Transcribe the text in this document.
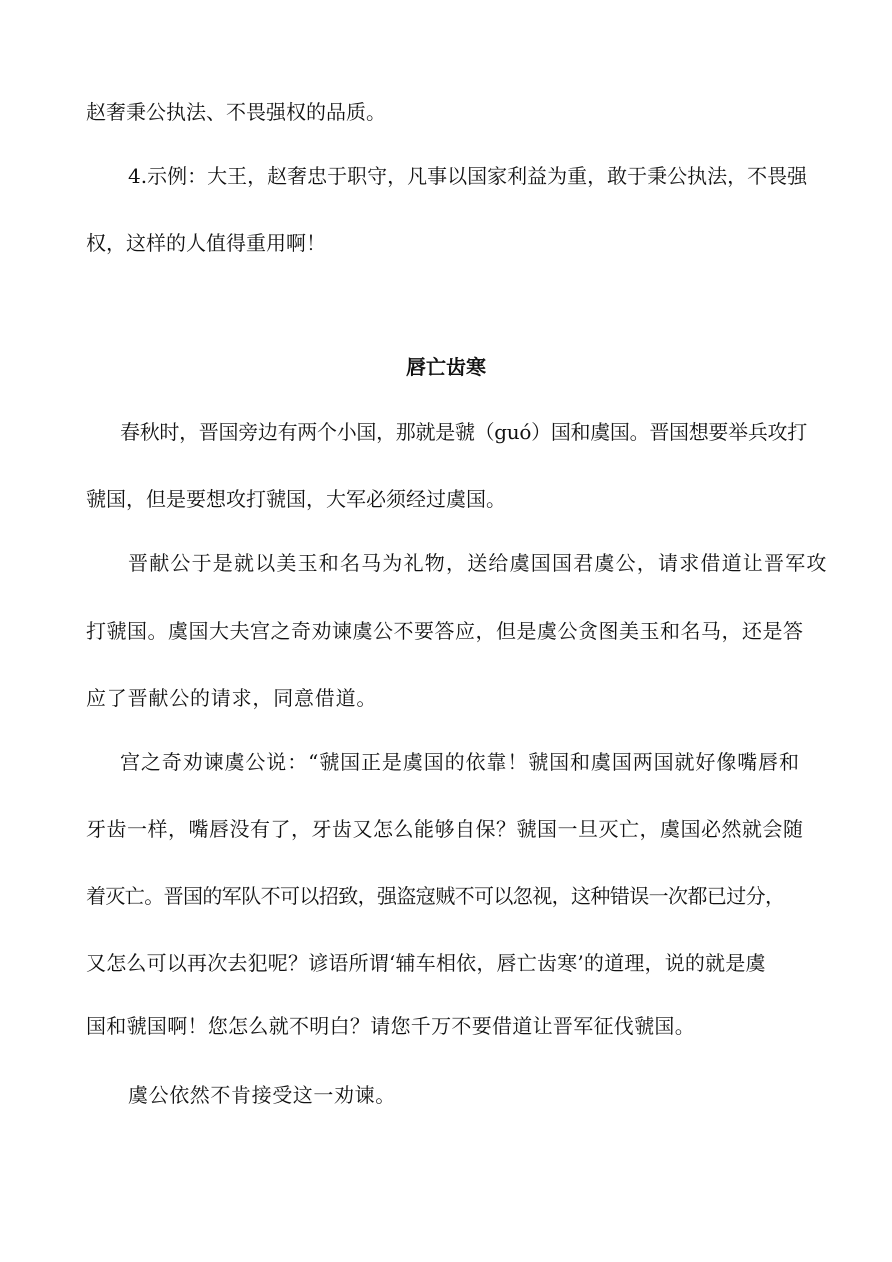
赵奢秉公执法、不畏强权的品质。
4.示例：大王，赵奢忠于职守，凡事以国家利益为重，敢于秉公执法，不畏强
权，这样的人值得重用啊！
唇亡齿寒
春秋时，晋国旁边有两个小国，那就是虢（guó）国和虞国。晋国想要举兵攻打
虢国，但是要想攻打虢国，大军必须经过虞国。
晋献公于是就以美玉和名马为礼物，送给虞国国君虞公，请求借道让晋军攻
打虢国。虞国大夫宫之奇劝谏虞公不要答应，但是虞公贪图美玉和名马，还是答
应了晋献公的请求，同意借道。
宫之奇劝谏虞公说：“虢国正是虞国的依靠！虢国和虞国两国就好像嘴唇和
牙齿一样，嘴唇没有了，牙齿又怎么能够自保？虢国一旦灭亡，虞国必然就会随
着灭亡。晋国的军队不可以招致，强盗寇贼不可以忽视，这种错误一次都已过分，
又怎么可以再次去犯呢？谚语所谓‘辅车相依，唇亡齿寒’的道理，说的就是虞
国和虢国啊！您怎么就不明白？请您千万不要借道让晋军征伐虢国。
虞公依然不肯接受这一劝谏。
